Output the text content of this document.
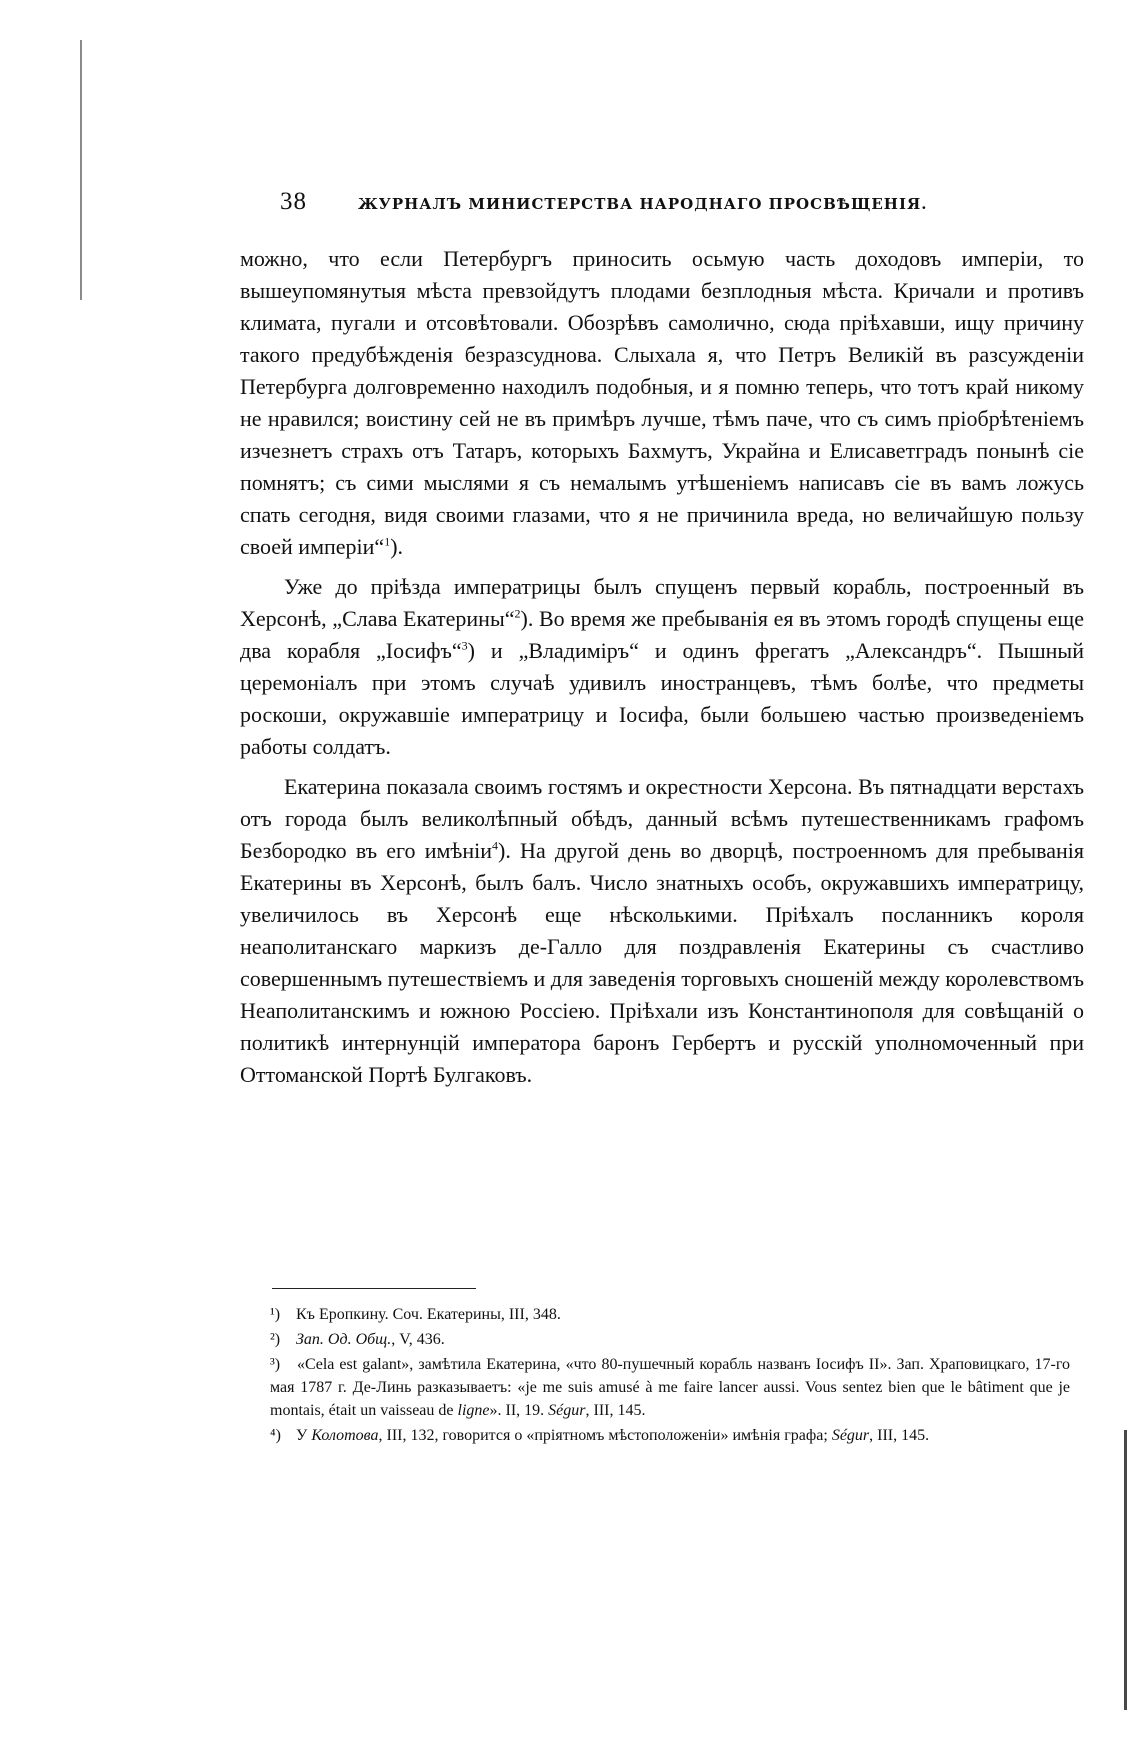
38	ЖУРНАЛЪ МИНИСТЕРСТВА НАРОДНАГО ПРОСВѢЩЕНІЯ.

можно, что если Петербургъ приносить осьмую часть доходовъ имперіи, то вышеупомянутыя мѣста превзойдутъ плодами безплодныя мѣста. Кричали и противъ климата, пугали и отсовѣтовали. Обозрѣвъ самолично, сюда пріѣхавши, ищу причину такого предубѣжденія безразсуднова. Слыхала я, что Петръ Великій въ разсужденіи Петербурга долговременно находилъ подобныя, и я помню теперь, что тотъ край никому не нравился; воистину сей не въ примѣръ лучше, тѣмъ паче, что съ симъ пріобрѣтеніемъ изчезнетъ страхъ отъ Татаръ, которыхъ Бахмутъ, Украйна и Елисаветградъ понынѣ сіе помнятъ; съ сими мыслями я съ немалымъ утѣшеніемъ написавъ сіе въ вамъ ложусь спать сегодня, видя своими глазами, что я не причинила вреда, но величайшую пользу своей имперіи“$^1$).

Уже до пріѣзда императрицы былъ спущенъ первый корабль, построенный въ Херсонѣ, „Слава Екатерины“$^2$). Во время же пребыванія ея въ этомъ городѣ спущены еще два корабля „Іосифъ“$^3$) и „Владиміръ“ и одинъ фрегатъ „Александръ“. Пышный церемоніалъ при этомъ случаѣ удивилъ иностранцевъ, тѣмъ болѣе, что предметы роскоши, окружавшіе императрицу и Іосифа, были большею частью произведеніемъ работы солдатъ.

Екатерина показала своимъ гостямъ и окрестности Херсона. Въ пятнадцати верстахъ отъ города былъ великолѣпный обѣдъ, данный всѣмъ путешественникамъ графомъ Безбородко въ его имѣніи$^4$). На другой день во дворцѣ, построенномъ для пребыванія Екатерины въ Херсонѣ, былъ балъ. Число знатныхъ особъ, окружавшихъ императрицу, увеличилось въ Херсонѣ еще нѣсколькими. Пріѣхалъ посланникъ короля неаполитанскаго маркизъ де-Галло для поздравленія Екатерины съ счастливо совершеннымъ путешествіемъ и для заведенія торговыхъ сношеній между королевствомъ Неаполитанскимъ и южною Россіею. Пріѣхали изъ Константинополя для совѣщаній о политикѣ интернунцій императора баронъ Гербертъ и русскій уполномоченный при Оттоманской Портѣ Булгаковъ.

¹) Къ Еропкину. Соч. Екатерины, III, 348.
²) Зап. Од. Общ., V, 436.
³) «Cela est galant», замѣтила Екатерина, «что 80-пушечный корабль названъ Іосифъ II». Зап. Храповицкаго, 17-го мая 1787 г. Де-Линь разказываетъ: «je me suis amusé à me faire lancer aussi. Vous sentez bien que le bâtiment que je montais, était un vaisseau de ligne». II, 19. Ségur, III, 145.
⁴) У Колотова, III, 132, говорится о «пріятномъ мѣстоположеніи» имѣнія графа; Ségur, III, 145.
